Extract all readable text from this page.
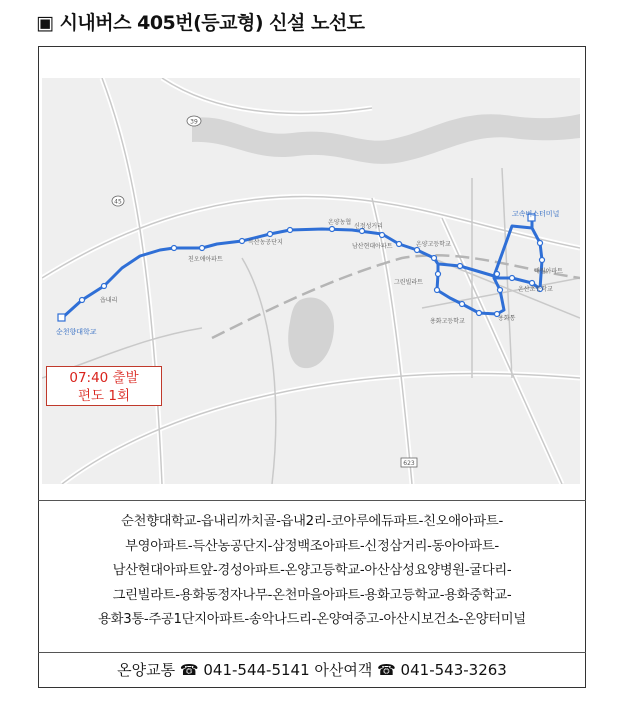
▣ 시내버스 405번(등교형) 신설 노선도
39
45
623
순천향대학교
고속버스터미널
읍내리
친오애아파트
득산농공단지
온양농협
신정성거리
남산현대아파트	온양고등학교
그린빌라트
용화고등학교	용화통
대원아파트
온산초등학교
07:40 출발
편도 1회
순천향대학교-읍내리까치골-읍내2리-코아루에듀파트-친오애아파트-
부영아파트-득산농공단지-삼정백조아파트-신정삼거리-동아아파트-
남산현대아파트앞-경성아파트-온양고등학교-아산삼성요양병원-굴다리-
그린빌라트-용화동정자나무-온천마을아파트-용화고등학교-용화중학교-
용화3통-주공1단지아파트-송악나드리-온양여중고-아산시보건소-온양터미널
온양교통 ☎ 041-544-5141 아산여객 ☎ 041-543-3263
